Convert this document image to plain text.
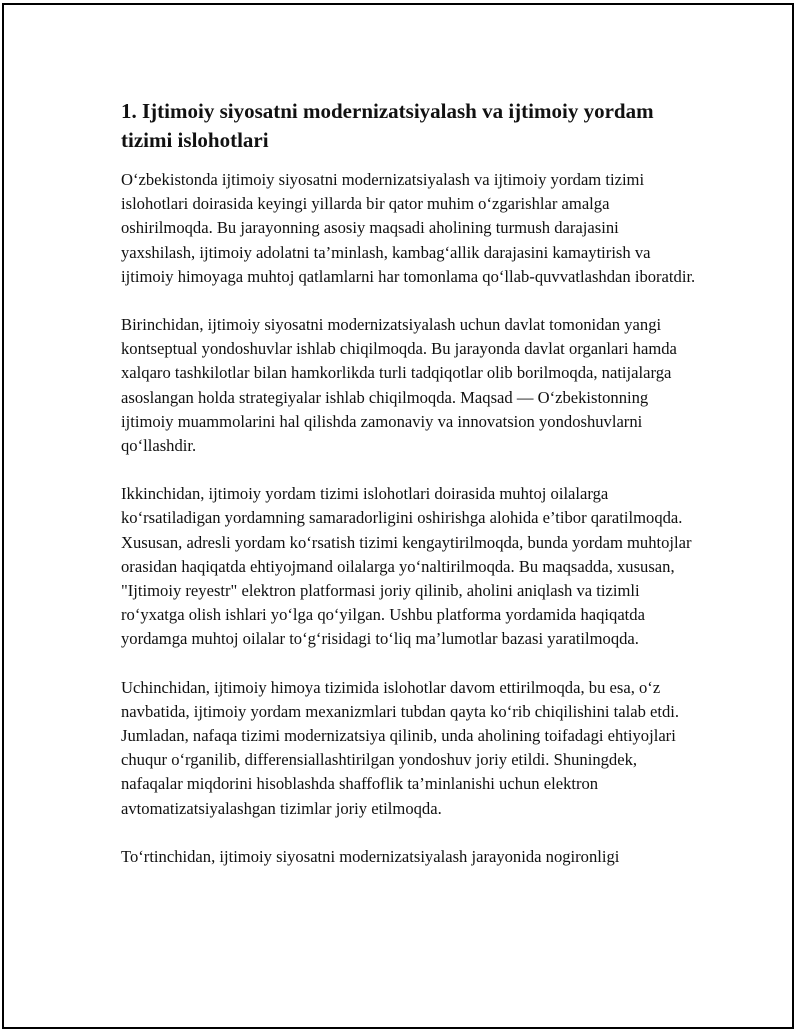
1. Ijtimoiy siyosatni modernizatsiyalash va ijtimoiy yordam tizimi islohotlari

O‘zbekistonda ijtimoiy siyosatni modernizatsiyalash va ijtimoiy yordam tizimi islohotlari doirasida keyingi yillarda bir qator muhim o‘zgarishlar amalga oshirilmoqda. Bu jarayonning asosiy maqsadi aholining turmush darajasini yaxshilash, ijtimoiy adolatni ta’minlash, kambag‘allik darajasini kamaytirish va ijtimoiy himoyaga muhtoj qatlamlarni har tomonlama qo‘llab-quvvatlashdan iboratdir.

Birinchidan, ijtimoiy siyosatni modernizatsiyalash uchun davlat tomonidan yangi kontseptual yondoshuvlar ishlab chiqilmoqda. Bu jarayonda davlat organlari hamda xalqaro tashkilotlar bilan hamkorlikda turli tadqiqotlar olib borilmoqda, natijalarga asoslangan holda strategiyalar ishlab chiqilmoqda. Maqsad — O‘zbekistonning ijtimoiy muammolarini hal qilishda zamonaviy va innovatsion yondoshuvlarni qo‘llashdir.

Ikkinchidan, ijtimoiy yordam tizimi islohotlari doirasida muhtoj oilalarga ko‘rsatiladigan yordamning samaradorligini oshirishga alohida e’tibor qaratilmoqda. Xususan, adresli yordam ko‘rsatish tizimi kengaytirilmoqda, bunda yordam muhtojlar orasidan haqiqatda ehtiyojmand oilalarga yo‘naltirilmoqda. Bu maqsadda, xususan, "Ijtimoiy reyestr" elektron platformasi joriy qilinib, aholini aniqlash va tizimli ro‘yxatga olish ishlari yo‘lga qo‘yilgan. Ushbu platforma yordamida haqiqatda yordamga muhtoj oilalar to‘g‘risidagi to‘liq ma’lumotlar bazasi yaratilmoqda.

Uchinchidan, ijtimoiy himoya tizimida islohotlar davom ettirilmoqda, bu esa, o‘z navbatida, ijtimoiy yordam mexanizmlari tubdan qayta ko‘rib chiqilishini talab etdi. Jumladan, nafaqa tizimi modernizatsiya qilinib, unda aholining toifadagi ehtiyojlari chuqur o‘rganilib, differensiallashtirilgan yondoshuv joriy etildi. Shuningdek, nafaqalar miqdorini hisoblashda shaffoflik ta’minlanishi uchun elektron avtomatizatsiyalashgan tizimlar joriy etilmoqda.

To‘rtinchidan, ijtimoiy siyosatni modernizatsiyalash jarayonida nogironligi
